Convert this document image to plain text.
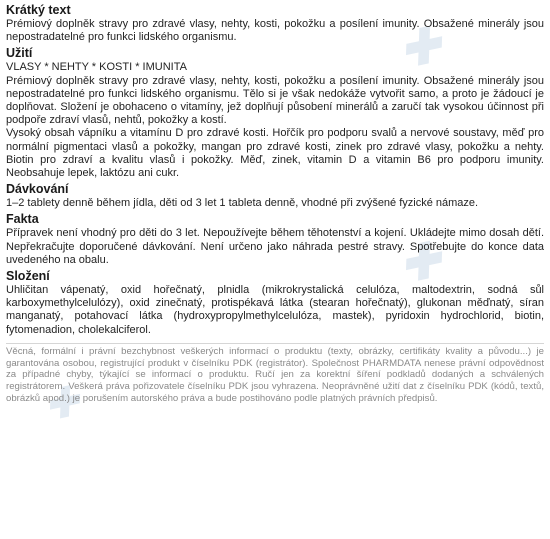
✚
✚
✚
Krátký text

Prémiový doplněk stravy pro zdravé vlasy, nehty, kosti, pokožku a posílení imunity. Obsažené minerály jsou nepostradatelné pro funkci lidského organismu.

Užití

VLASY * NEHTY * KOSTI * IMUNITA

Prémiový doplněk stravy pro zdravé vlasy, nehty, kosti, pokožku a posílení imunity. Obsažené minerály jsou nepostradatelné pro funkci lidského organismu. Tělo si je však nedokáže vytvořit samo, a proto je žádoucí je doplňovat. Složení je obohaceno o vitamíny, jež doplňují působení minerálů a zaručí tak vysokou účinnost při podpoře zdraví vlasů, nehtů, pokožky a kostí.

Vysoký obsah vápníku a vitamínu D pro zdravé kosti. Hořčík pro podporu svalů a nervové soustavy, měď pro normální pigmentaci vlasů a pokožky, mangan pro zdravé kosti, zinek pro zdravé vlasy, pokožku a nehty. Biotin pro zdraví a kvalitu vlasů i pokožky. Měď, zinek, vitamin D a vitamin B6 pro podporu imunity. Neobsahuje lepek, laktózu ani cukr.

Dávkování

1–2 tablety denně během jídla, děti od 3 let 1 tableta denně, vhodné při zvýšené fyzické námaze.

Fakta

Přípravek není vhodný pro děti do 3 let. Nepoužívejte během těhotenství a kojení. Ukládejte mimo dosah dětí. Nepřekračujte doporučené dávkování. Není určeno jako náhrada pestré stravy. Spotřebujte do konce data uvedeného na obalu.

Složení

Uhličitan vápenatý, oxid hořečnatý, plnidla (mikrokrystalická celulóza, maltodextrin, sodná sůl karboxymethylcelulózy), oxid zinečnatý, protispékavá látka (stearan hořečnatý), glukonan měďnatý, síran manganatý, potahovací látka (hydroxypropylmethylcelulóza, mastek), pyridoxin hydrochlorid, biotin, fytomenadion, cholekalciferol.

Věcná, formální i právní bezchybnost veškerých informací o produktu (texty, obrázky, certifikáty kvality a původu...) je garantována osobou, registrující produkt v číselníku PDK (registrátor). Společnost PHARMDATA nenese právní odpovědnost za případné chyby, týkající se informací o produktu. Ručí jen za korektní šíření podkladů dodaných a schválených registrátorem. Veškerá práva pořizovatele číselníku PDK jsou vyhrazena. Neoprávněné užití dat z číselníku PDK (kódů, textů, obrázků apod.) je porušením autorského práva a bude postihováno podle platných právních předpisů.
